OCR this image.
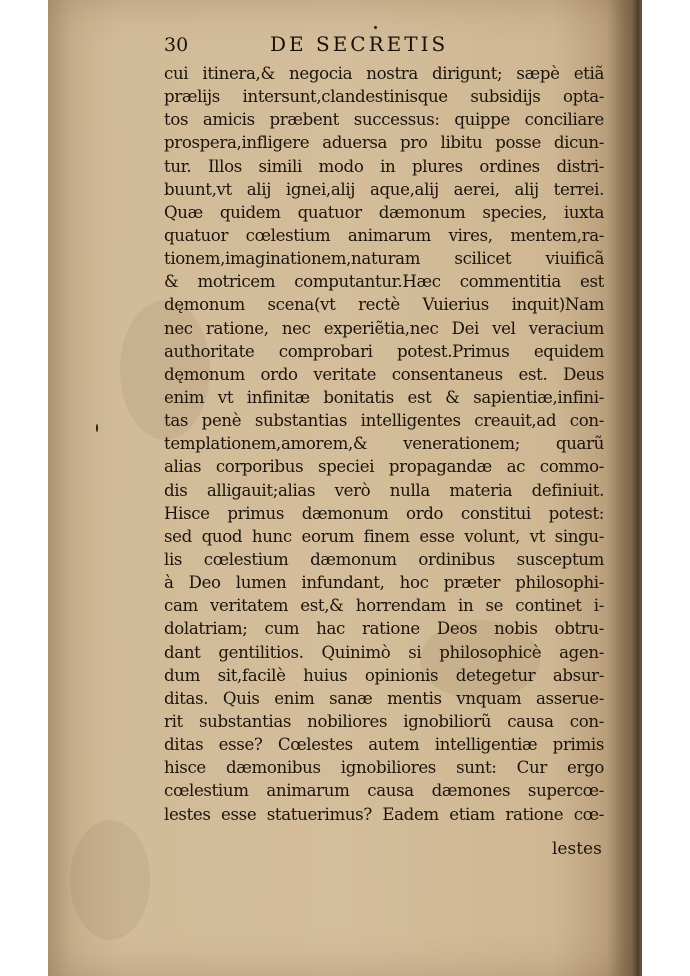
30	DE SECRETIS
cui itinera,& negocia nostra dirigunt; sæpè etiã
prælijs intersunt,clandestinisque subsidijs opta-
tos amicis præbent successus: quippe conciliare
prospera,infligere aduersa pro libitu posse dicun-
tur. Illos simili modo in plures ordines distri-
buunt,vt alij ignei,alij aque,alij aerei, alij terrei.
Quæ quidem quatuor dæmonum species, iuxta
quatuor cœlestium animarum vires, mentem,ra-
tionem,imaginationem,naturam scilicet viuificã
& motricem computantur.Hæc commentitia est
dęmonum scena(vt rectè Vuierius inquit)Nam
nec ratione, nec experiẽtia,nec Dei vel veracium
authoritate comprobari potest.Primus equidem
dęmonum ordo veritate consentaneus est. Deus
enim vt infinitæ bonitatis est & sapientiæ,infini-
tas penè substantias intelligentes creauit,ad con-
templationem,amorem,& venerationem; quarũ
alias corporibus speciei propagandæ ac commo-
dis alligauit;alias verò nulla materia definiuit.
Hisce primus dæmonum ordo constitui potest:
sed quod hunc eorum finem esse volunt, vt singu-
lis cœlestium dæmonum ordinibus susceptum
à Deo lumen infundant, hoc præter philosophi-
cam veritatem est,& horrendam in se continet i-
dolatriam; cum hac ratione Deos nobis obtru-
dant gentilitios. Quinimò si philosophicè agen-
dum sit,facilè huius opinionis detegetur absur-
ditas. Quis enim sanæ mentis vnquam asserue-
rit substantias nobiliores ignobiliorũ causa con-
ditas esse? Cœlestes autem intelligentiæ primis
hisce dæmonibus ignobiliores sunt: Cur ergo
cœlestium animarum causa dæmones supercœ-
lestes esse statuerimus? Eadem etiam ratione cœ-
lestes
